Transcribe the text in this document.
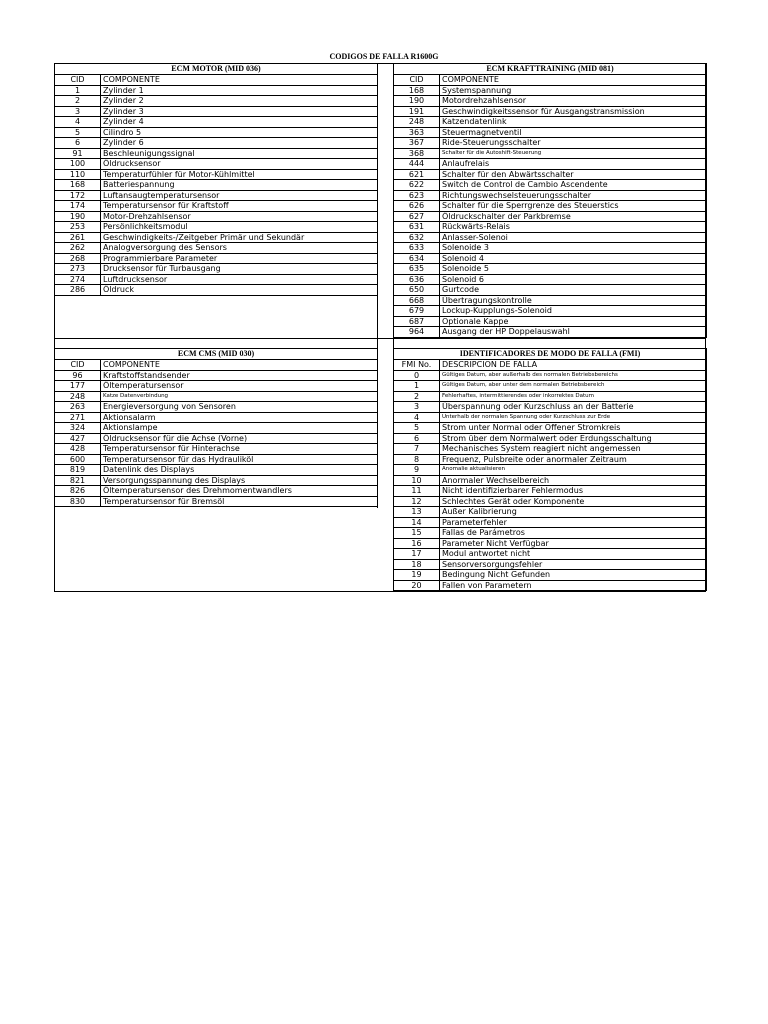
CODIGOS DE FALLA R1600G
ECM MOTOR (MID 036)	
CID	COMPONENTE
1	Zylinder 1
2	Zylinder 2
3	Zylinder 3
4	Zylinder 4
5	Cilindro 5
6	Zylinder 6
91	Beschleunigungssignal
100	Öldrucksensor
110	Temperaturfühler für Motor-Kühlmittel
168	Batteriespannung
172	Luftansaugtemperatursensor
174	Temperatursensor für Kraftstoff
190	Motor-Drehzahlsensor
253	Persönlichkeitsmodul
261	Geschwindigkeits-/Zeitgeber Primär und Sekundär
262	Analogversorgung des Sensors
268	Programmierbare Parameter
273	Drucksensor für Turbausgang
274	Luftdrucksensor
286	Öldruck
ECM KRAFTTRAINING (MID 081)	
CID	COMPONENTE
168	Systemspannung
190	Motordrehzahlsensor
191	Geschwindigkeitssensor für Ausgangstransmission
248	Katzendatenlink
363	Steuermagnetventil
367	Ride-Steuerungsschalter
368	Schalter für die Autoshift-Steuerung
444	Anlaufrelais
621	Schalter für den Abwärtsschalter
622	Switch de Control de Cambio Ascendente
623	Richtungswechselsteuerungsschalter
626	Schalter für die Sperrgrenze des Steuerstics
627	Öldruckschalter der Parkbremse
631	Rückwärts-Relais
632	Anlasser-Solenoi
633	Solenoide 3
634	Solenoid 4
635	Solenoide 5
636	Solenoid 6
650	Gurtcode
668	Übertragungskontrolle
679	Lockup-Kupplungs-Solenoid
687	Optionale Kappe
964	Ausgang der HP Doppelauswahl
ECM CMS (MID 030)	
CID	COMPONENTE
96	Kraftstoffstandsender
177	Öltemperatursensor
248	Katze Datenverbindung
263	Energieversorgung von Sensoren
271	Aktionsalarm
324	Aktionslampe
427	Öldrucksensor für die Achse (Vorne)
428	Temperatursensor für Hinterachse
600	Temperatursensor für das Hydrauliköl
819	Datenlink des Displays
821	Versorgungsspannung des Displays
826	Öltemperatursensor des Drehmomentwandlers
830	Temperatursensor für Bremsöl
IDENTIFICADORES DE MODO DE FALLA (FMI)	
FMI No.	DESCRIPCION DE FALLA
0	Gültiges Datum, aber außerhalb des normalen Betriebsbereichs
1	Gültiges Datum, aber unter dem normalen Betriebsbereich
2	Fehlerhaftes, intermittierendes oder inkorrektes Datum
3	Überspannung oder Kurzschluss an der Batterie
4	Unterhalb der normalen Spannung oder Kurzschluss zur Erde
5	Strom unter Normal oder Offener Stromkreis
6	Strom über dem Normalwert oder Erdungsschaltung
7	Mechanisches System reagiert nicht angemessen
8	Frequenz, Pulsbreite oder anormaler Zeitraum
9	Anomalie aktualisieren
10	Anormaler Wechselbereich
11	Nicht identifizierbarer Fehlermodus
12	Schlechtes Gerät oder Komponente
13	Außer Kalibrierung
14	Parameterfehler
15	Fallas de Parámetros
16	Parameter Nicht Verfügbar
17	Modul antwortet nicht
18	Sensorversorgungsfehler
19	Bedingung Nicht Gefunden
20	Fallen von Parametern
